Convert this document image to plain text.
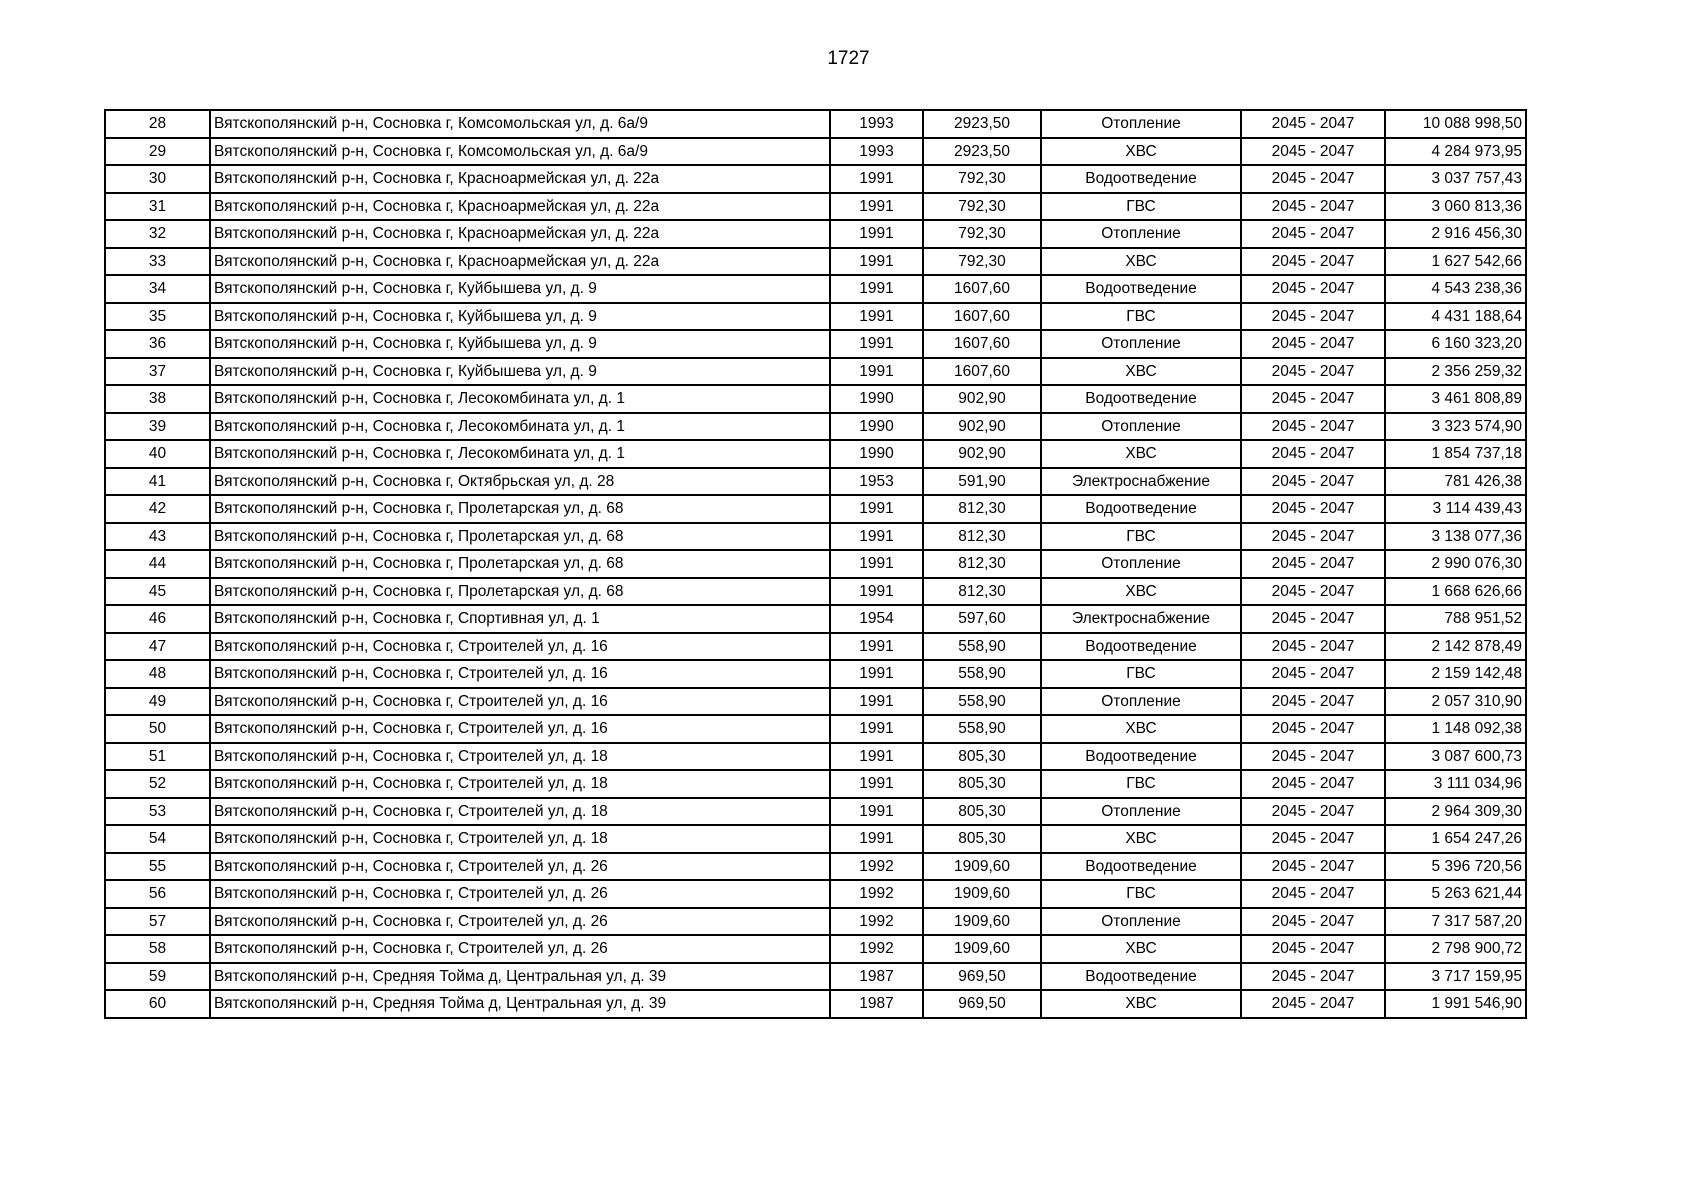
1727
28	Вятскополянский р-н, Сосновка г, Комсомольская ул, д. 6а/9	1993	2923,50	Отопление	2045 - 2047	10 088 998,50
29	Вятскополянский р-н, Сосновка г, Комсомольская ул, д. 6а/9	1993	2923,50	ХВС	2045 - 2047	4 284 973,95
30	Вятскополянский р-н, Сосновка г, Красноармейская ул, д. 22а	1991	792,30	Водоотведение	2045 - 2047	3 037 757,43
31	Вятскополянский р-н, Сосновка г, Красноармейская ул, д. 22а	1991	792,30	ГВС	2045 - 2047	3 060 813,36
32	Вятскополянский р-н, Сосновка г, Красноармейская ул, д. 22а	1991	792,30	Отопление	2045 - 2047	2 916 456,30
33	Вятскополянский р-н, Сосновка г, Красноармейская ул, д. 22а	1991	792,30	ХВС	2045 - 2047	1 627 542,66
34	Вятскополянский р-н, Сосновка г, Куйбышева ул, д. 9	1991	1607,60	Водоотведение	2045 - 2047	4 543 238,36
35	Вятскополянский р-н, Сосновка г, Куйбышева ул, д. 9	1991	1607,60	ГВС	2045 - 2047	4 431 188,64
36	Вятскополянский р-н, Сосновка г, Куйбышева ул, д. 9	1991	1607,60	Отопление	2045 - 2047	6 160 323,20
37	Вятскополянский р-н, Сосновка г, Куйбышева ул, д. 9	1991	1607,60	ХВС	2045 - 2047	2 356 259,32
38	Вятскополянский р-н, Сосновка г, Лесокомбината ул, д. 1	1990	902,90	Водоотведение	2045 - 2047	3 461 808,89
39	Вятскополянский р-н, Сосновка г, Лесокомбината ул, д. 1	1990	902,90	Отопление	2045 - 2047	3 323 574,90
40	Вятскополянский р-н, Сосновка г, Лесокомбината ул, д. 1	1990	902,90	ХВС	2045 - 2047	1 854 737,18
41	Вятскополянский р-н, Сосновка г, Октябрьская ул, д. 28	1953	591,90	Электроснабжение	2045 - 2047	781 426,38
42	Вятскополянский р-н, Сосновка г, Пролетарская ул, д. 68	1991	812,30	Водоотведение	2045 - 2047	3 114 439,43
43	Вятскополянский р-н, Сосновка г, Пролетарская ул, д. 68	1991	812,30	ГВС	2045 - 2047	3 138 077,36
44	Вятскополянский р-н, Сосновка г, Пролетарская ул, д. 68	1991	812,30	Отопление	2045 - 2047	2 990 076,30
45	Вятскополянский р-н, Сосновка г, Пролетарская ул, д. 68	1991	812,30	ХВС	2045 - 2047	1 668 626,66
46	Вятскополянский р-н, Сосновка г, Спортивная ул, д. 1	1954	597,60	Электроснабжение	2045 - 2047	788 951,52
47	Вятскополянский р-н, Сосновка г, Строителей ул, д. 16	1991	558,90	Водоотведение	2045 - 2047	2 142 878,49
48	Вятскополянский р-н, Сосновка г, Строителей ул, д. 16	1991	558,90	ГВС	2045 - 2047	2 159 142,48
49	Вятскополянский р-н, Сосновка г, Строителей ул, д. 16	1991	558,90	Отопление	2045 - 2047	2 057 310,90
50	Вятскополянский р-н, Сосновка г, Строителей ул, д. 16	1991	558,90	ХВС	2045 - 2047	1 148 092,38
51	Вятскополянский р-н, Сосновка г, Строителей ул, д. 18	1991	805,30	Водоотведение	2045 - 2047	3 087 600,73
52	Вятскополянский р-н, Сосновка г, Строителей ул, д. 18	1991	805,30	ГВС	2045 - 2047	3 111 034,96
53	Вятскополянский р-н, Сосновка г, Строителей ул, д. 18	1991	805,30	Отопление	2045 - 2047	2 964 309,30
54	Вятскополянский р-н, Сосновка г, Строителей ул, д. 18	1991	805,30	ХВС	2045 - 2047	1 654 247,26
55	Вятскополянский р-н, Сосновка г, Строителей ул, д. 26	1992	1909,60	Водоотведение	2045 - 2047	5 396 720,56
56	Вятскополянский р-н, Сосновка г, Строителей ул, д. 26	1992	1909,60	ГВС	2045 - 2047	5 263 621,44
57	Вятскополянский р-н, Сосновка г, Строителей ул, д. 26	1992	1909,60	Отопление	2045 - 2047	7 317 587,20
58	Вятскополянский р-н, Сосновка г, Строителей ул, д. 26	1992	1909,60	ХВС	2045 - 2047	2 798 900,72
59	Вятскополянский р-н, Средняя Тойма д, Центральная ул, д. 39	1987	969,50	Водоотведение	2045 - 2047	3 717 159,95
60	Вятскополянский р-н, Средняя Тойма д, Центральная ул, д. 39	1987	969,50	ХВС	2045 - 2047	1 991 546,90
